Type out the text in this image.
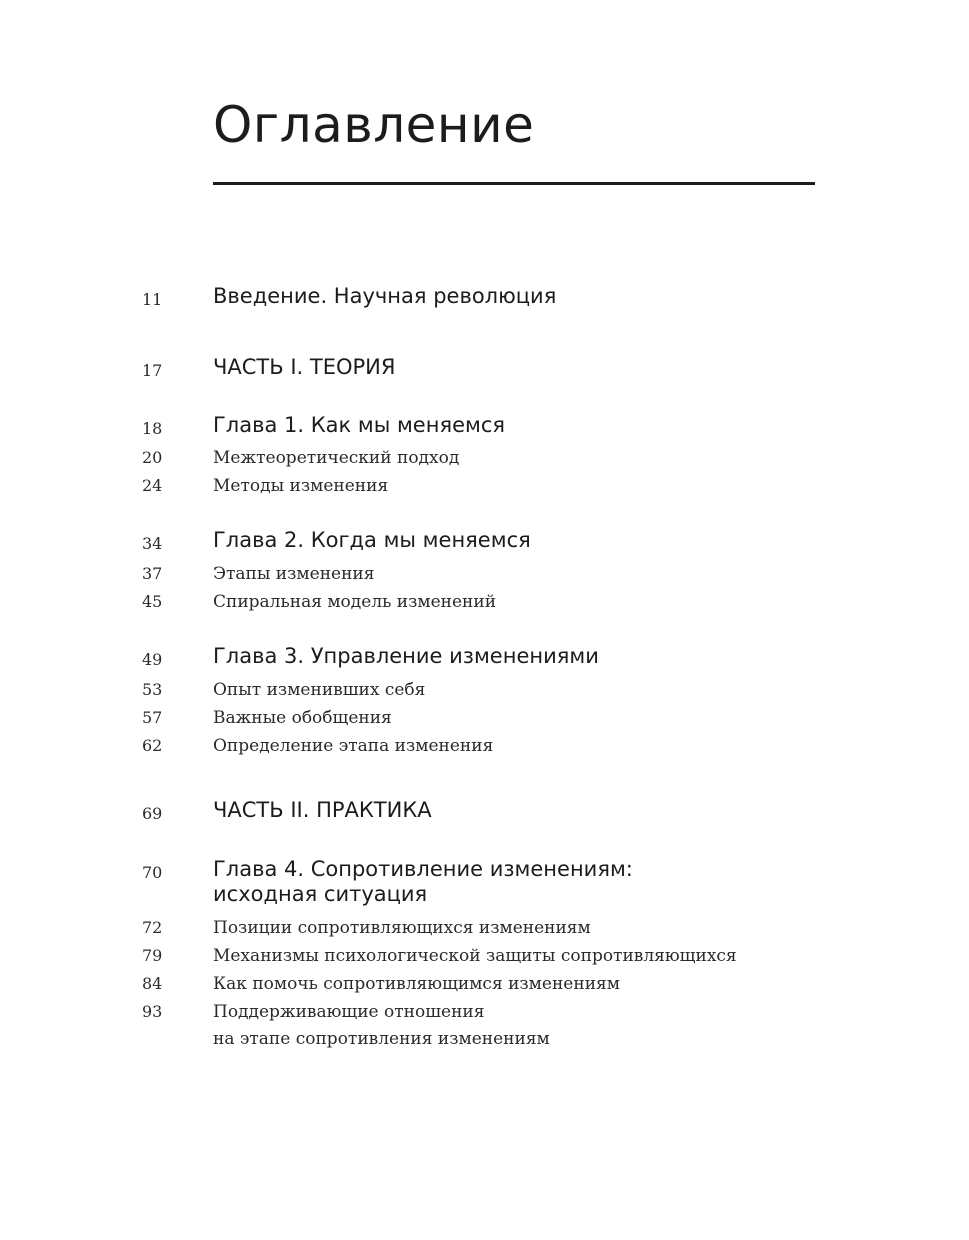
Оглавление
11 Введение. Научная революция
17 ЧАСТЬ I. ТЕОРИЯ
18 Глава 1. Как мы меняемся
20	Межтеоретический подход
24	Методы изменения
34 Глава 2. Когда мы меняемся
37	Этапы изменения
45	Спиральная модель изменений
49 Глава 3. Управление изменениями
53	Опыт изменивших себя
57	Важные обобщения
62	Определение этапа изменения
69 ЧАСТЬ II. ПРАКТИКА
70 Глава 4. Сопротивление изменениям:
исходная ситуация
72	Позиции сопротивляющихся изменениям
79	Механизмы психологической защиты сопротивляющихся
84	Как помочь сопротивляющимся изменениям
93	Поддерживающие отношения
на этапе сопротивления изменениям
